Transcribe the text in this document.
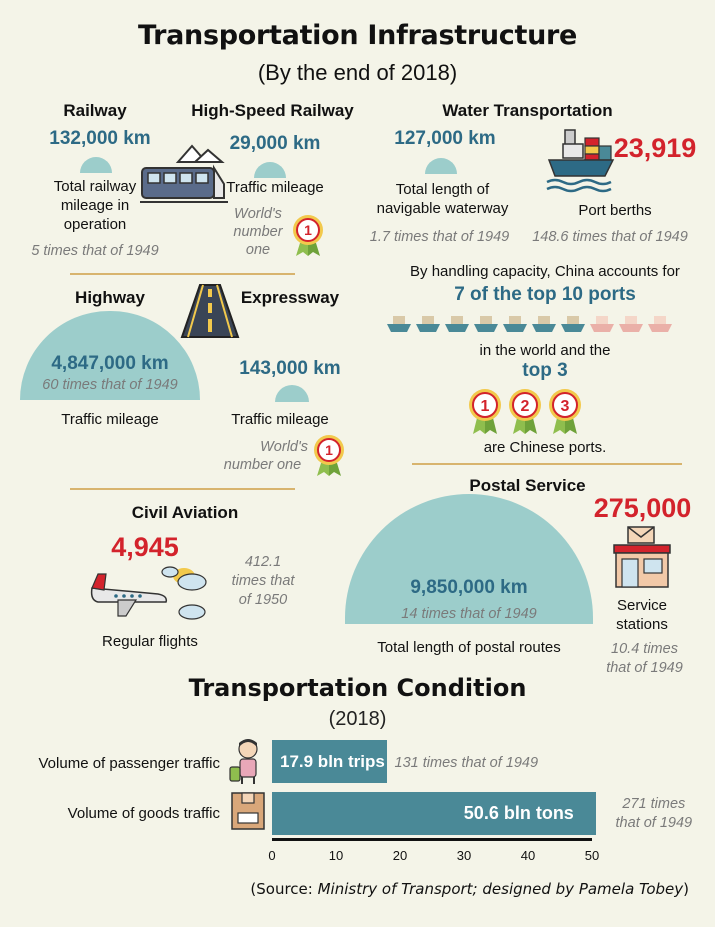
Transportation Infrastructure
(By the end of 2018)
Railway
132,000 km
Total railway
mileage in
operation
5 times that of 1949
High-Speed Railway
29,000 km
Traffic mileage
World's
number
one
1
Water Transportation
127,000 km
Total length of
navigable waterway
1.7 times that of 1949
23,919
Port berths
148.6 times that of 1949
By handling capacity, China accounts for
7 of the top 10 ports
in the world and the
top 3
1 2 3
are Chinese ports.
Highway	Expressway
4,847,000 km
60 times that of 1949
Traffic mileage
143,000 km
Traffic mileage
World's
number one
1
Civil Aviation
4,945	412.1
times that
of 1950
Regular flights
Postal Service
9,850,000 km
14 times that of 1949
Total length of postal routes
275,000
Service
stations
10.4 times
that of 1949
Transportation Condition
(2018)
Volume of passenger traffic
Volume of goods traffic
17.9 bln trips
50.6 bln tons
131 times that of 1949
271 times
that of 1949
0	10	20	30	40	50
(Source: Ministry of Transport; designed by Pamela Tobey)
